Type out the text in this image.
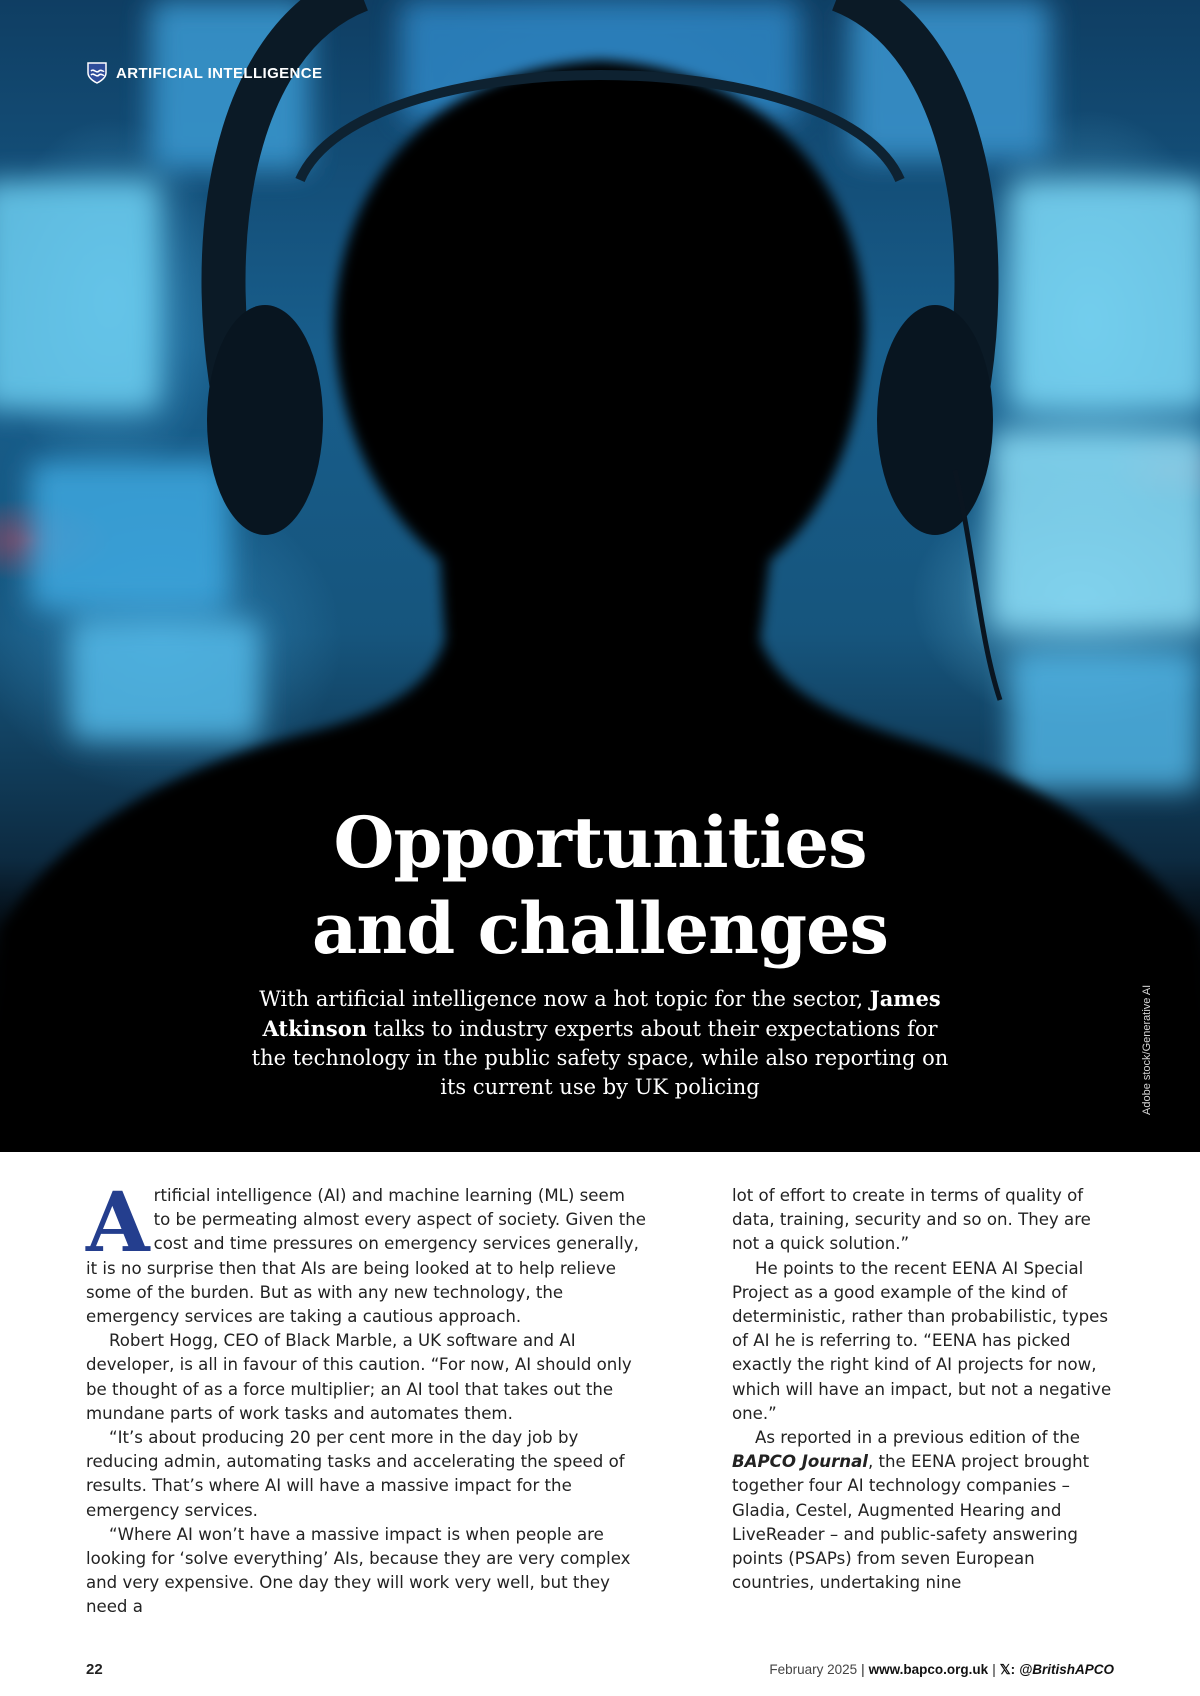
ARTIFICIAL INTELLIGENCE
Opportunities
and challenges
With artificial intelligence now a hot topic for the sector, James Atkinson talks to industry experts about their expectations for the technology in the public safety space, while also reporting on its current use by UK policing	Adobe stock/Generative AI

Artificial intelligence (AI) and machine learning (ML) seem to be permeating almost every aspect of society. Given the cost and time pressures on emergency services generally, it is no surprise then that AIs are being looked at to help relieve some of the burden. But as with any new technology, the emergency services are taking a cautious approach.

Robert Hogg, CEO of Black Marble, a UK software and AI developer, is all in favour of this caution. “For now, AI should only be thought of as a force multiplier; an AI tool that takes out the mundane parts of work tasks and automates them.

“It’s about producing 20 per cent more in the day job by reducing admin, automating tasks and accelerating the speed of results. That’s where AI will have a massive impact for the emergency services.

“Where AI won’t have a massive impact is when people are looking for ‘solve everything’ AIs, because they are very complex and very expensive. One day they will work very well, but they need a

lot of effort to create in terms of quality of data, training, security and so on. They are not a quick solution.”

He points to the recent EENA AI Special Project as a good example of the kind of deterministic, rather than probabilistic, types of AI he is referring to. “EENA has picked exactly the right kind of AI projects for now, which will have an impact, but not a negative one.”

As reported in a previous edition of the BAPCO Journal, the EENA project brought together four AI technology companies – Gladia, Cestel, Augmented Hearing and LiveReader – and public-safety answering points (PSAPs) from seven European countries, undertaking nine

22	February 2025 | www.bapco.org.uk | 𝕏: @BritishAPCO
